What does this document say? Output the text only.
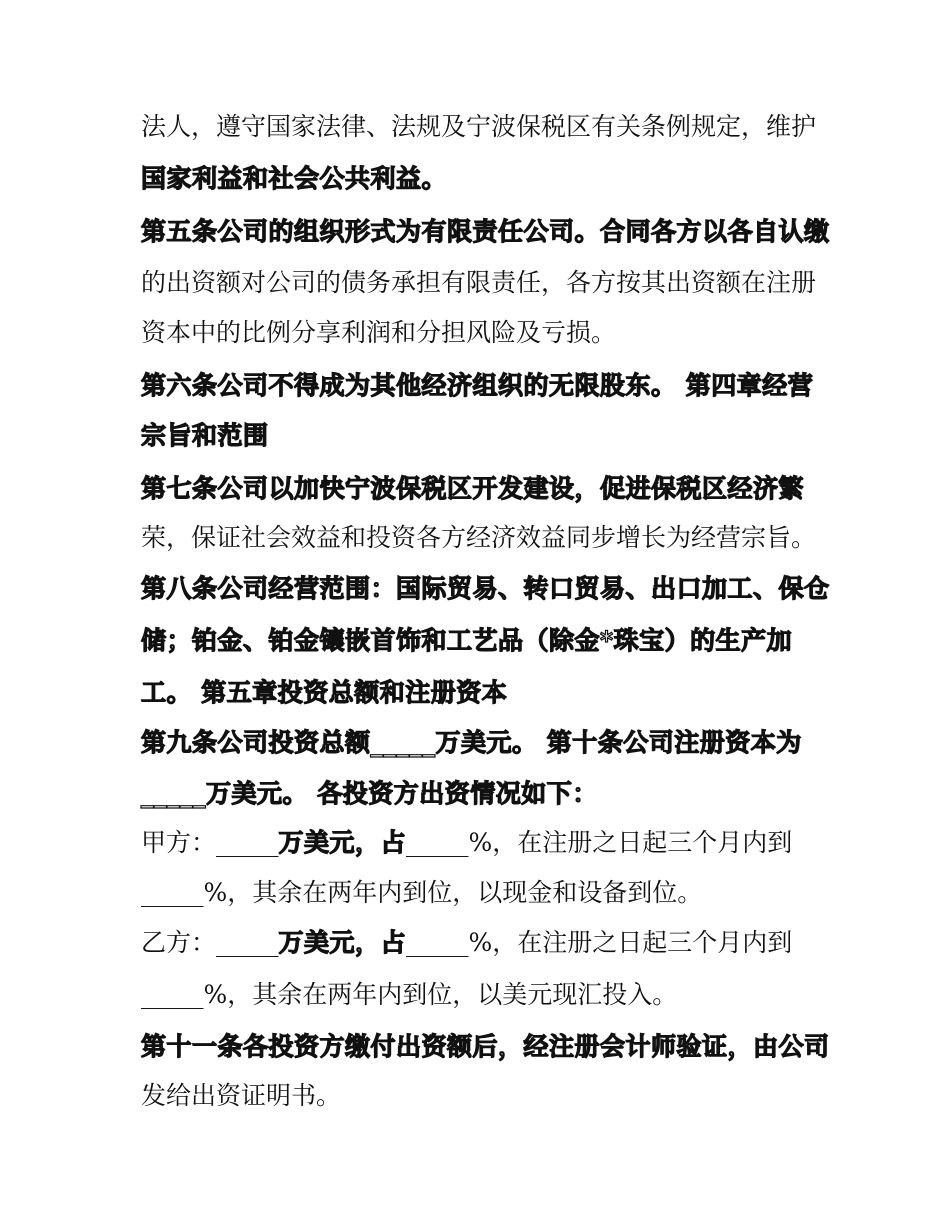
法人，遵守国家法律、法规及宁波保税区有关条例规定，维护
国家利益和社会公共利益。
第五条公司的组织形式为有限责任公司。合同各方以各自认缴
的出资额对公司的债务承担有限责任，各方按其出资额在注册
资本中的比例分享利润和分担风险及亏损。
第六条公司不得成为其他经济组织的无限股东。 第四章经营
宗旨和范围
第七条公司以加快宁波保税区开发建设，促进保税区经济繁
荣，保证社会效益和投资各方经济效益同步增长为经营宗旨。
第八条公司经营范围：国际贸易、转口贸易、出口加工、保仓
储；铂金、铂金镶嵌首饰和工艺品（除金*珠宝）的生产加
工。 第五章投资总额和注册资本
第九条公司投资总额_____万美元。 第十条公司注册资本为
_____万美元。 各投资方出资情况如下：
甲方：_____万美元，占_____%，在注册之日起三个月内到
_____%，其余在两年内到位，以现金和设备到位。
乙方：_____万美元，占_____%，在注册之日起三个月内到
_____%，其余在两年内到位，以美元现汇投入。
第十一条各投资方缴付出资额后，经注册会计师验证，由公司
发给出资证明书。
